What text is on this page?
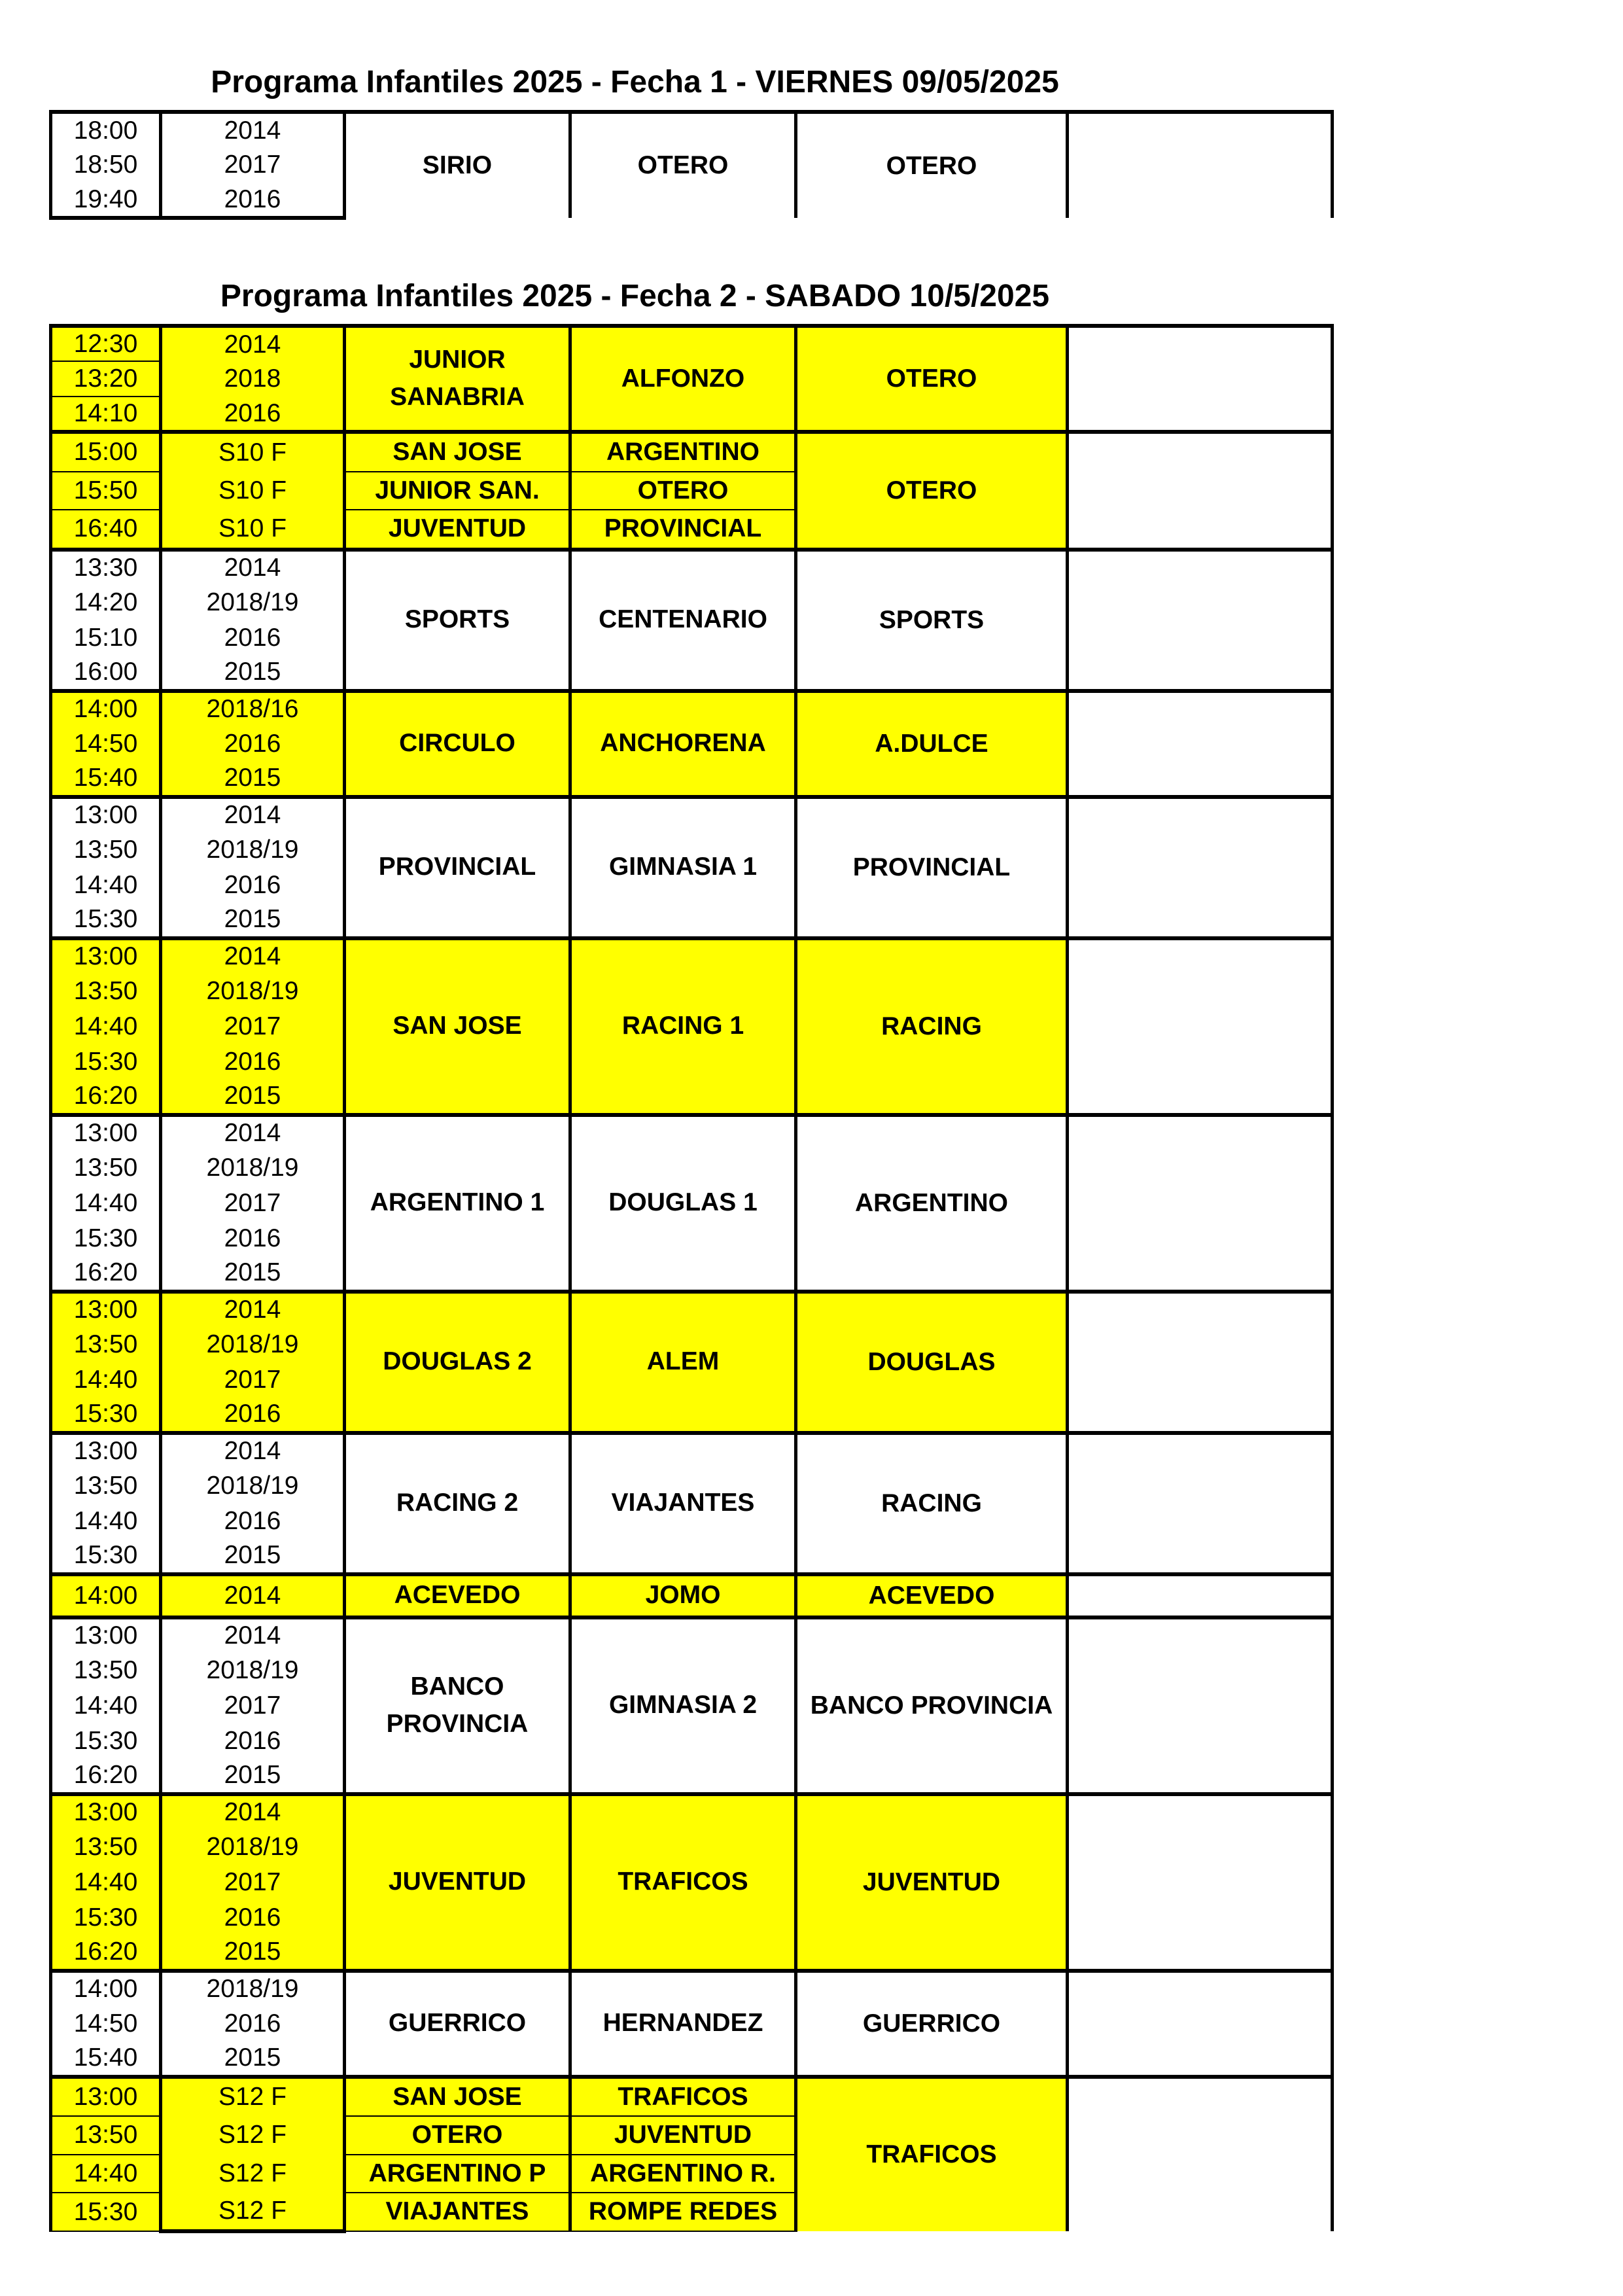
Programa Infantiles 2025 - Fecha 1 - VIERNES 09/05/2025
18:00	2014	SIRIO	OTERO	OTERO	
18:50	2017				
19:40	2016				
Programa Infantiles 2025 - Fecha 2 - SABADO 10/5/2025
12:30	2014	JUNIOR SANABRIA	ALFONZO	OTERO	
13:20	2018				
14:10	2016				
15:00	S10 F	SAN JOSE	ARGENTINO	OTERO	
15:50	S10 F	JUNIOR SAN.	OTERO		
16:40	S10 F	JUVENTUD	PROVINCIAL		
13:30	2014	SPORTS	CENTENARIO	SPORTS	
14:20	2018/19				
15:10	2016				
16:00	2015				
14:00	2018/16	CIRCULO	ANCHORENA	A.DULCE	
14:50	2016				
15:40	2015				
13:00	2014	PROVINCIAL	GIMNASIA 1	PROVINCIAL	
13:50	2018/19				
14:40	2016				
15:30	2015				
13:00	2014	SAN JOSE	RACING 1	RACING	
13:50	2018/19				
14:40	2017				
15:30	2016				
16:20	2015				
13:00	2014	ARGENTINO 1	DOUGLAS 1	ARGENTINO	
13:50	2018/19				
14:40	2017				
15:30	2016				
16:20	2015				
13:00	2014	DOUGLAS 2	ALEM	DOUGLAS	
13:50	2018/19				
14:40	2017				
15:30	2016				
13:00	2014	RACING 2	VIAJANTES	RACING	
13:50	2018/19				
14:40	2016				
15:30	2015				
14:00	2014	ACEVEDO	JOMO	ACEVEDO	
13:00	2014	BANCO PROVINCIA	GIMNASIA 2	BANCO PROVINCIA	
13:50	2018/19				
14:40	2017				
15:30	2016				
16:20	2015				
13:00	2014	JUVENTUD	TRAFICOS	JUVENTUD	
13:50	2018/19				
14:40	2017				
15:30	2016				
16:20	2015				
14:00	2018/19	GUERRICO	HERNANDEZ	GUERRICO	
14:50	2016				
15:40	2015				
13:00	S12 F	SAN JOSE	TRAFICOS	TRAFICOS	
13:50	S12 F	OTERO	JUVENTUD		
14:40	S12 F	ARGENTINO P	ARGENTINO R.		
15:30	S12 F	VIAJANTES	ROMPE REDES		
